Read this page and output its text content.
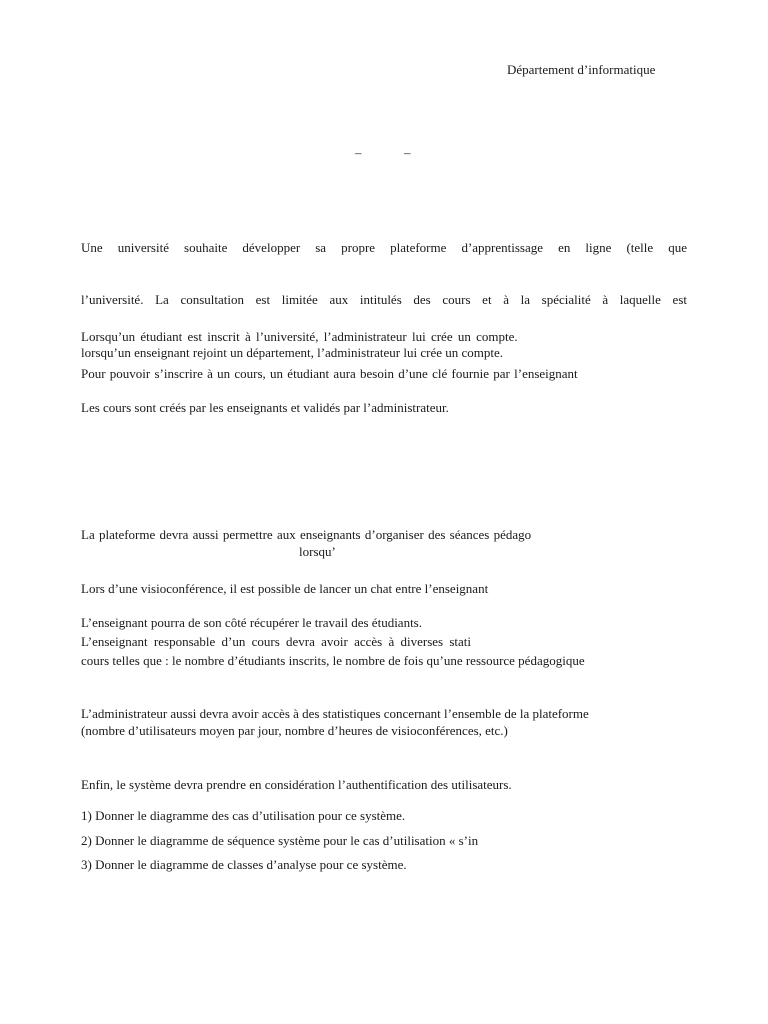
Département d’informatique
–	–
Une université souhaite développer sa propre plateforme d’apprentissage en ligne (telle que
l’université. La consultation est limitée aux intitulés des cours et à la spécialité à laquelle est
Lorsqu’un étudiant est inscrit à l’université, l’administrateur lui crée un compte.
lorsqu’un enseignant rejoint un département, l’administrateur lui crée un compte.
Pour pouvoir s’inscrire à un cours, un étudiant aura besoin d’une clé fournie par l’enseignant
Les cours sont créés par les enseignants et validés par l’administrateur.
La plateforme devra aussi permettre aux enseignants d’organiser des séances pédago
lorsqu’
Lors d’une visioconférence, il est possible de lancer un chat entre l’enseignant
L’enseignant pourra de son côté récupérer le travail des étudiants.
L’enseignant responsable d’un cours devra avoir accès à diverses stati
cours telles que : le nombre d’étudiants inscrits, le nombre de fois qu’une ressource pédagogique
L’administrateur aussi devra avoir accès à des statistiques concernant l’ensemble de la plateforme
(nombre d’utilisateurs moyen par jour, nombre d’heures de visioconférences, etc.)
Enfin, le système devra prendre en considération l’authentification des utilisateurs.
1) Donner le diagramme des cas d’utilisation pour ce système.
2) Donner le diagramme de séquence système pour le cas d’utilisation « s’in
3) Donner le diagramme de classes d’analyse pour ce système.
